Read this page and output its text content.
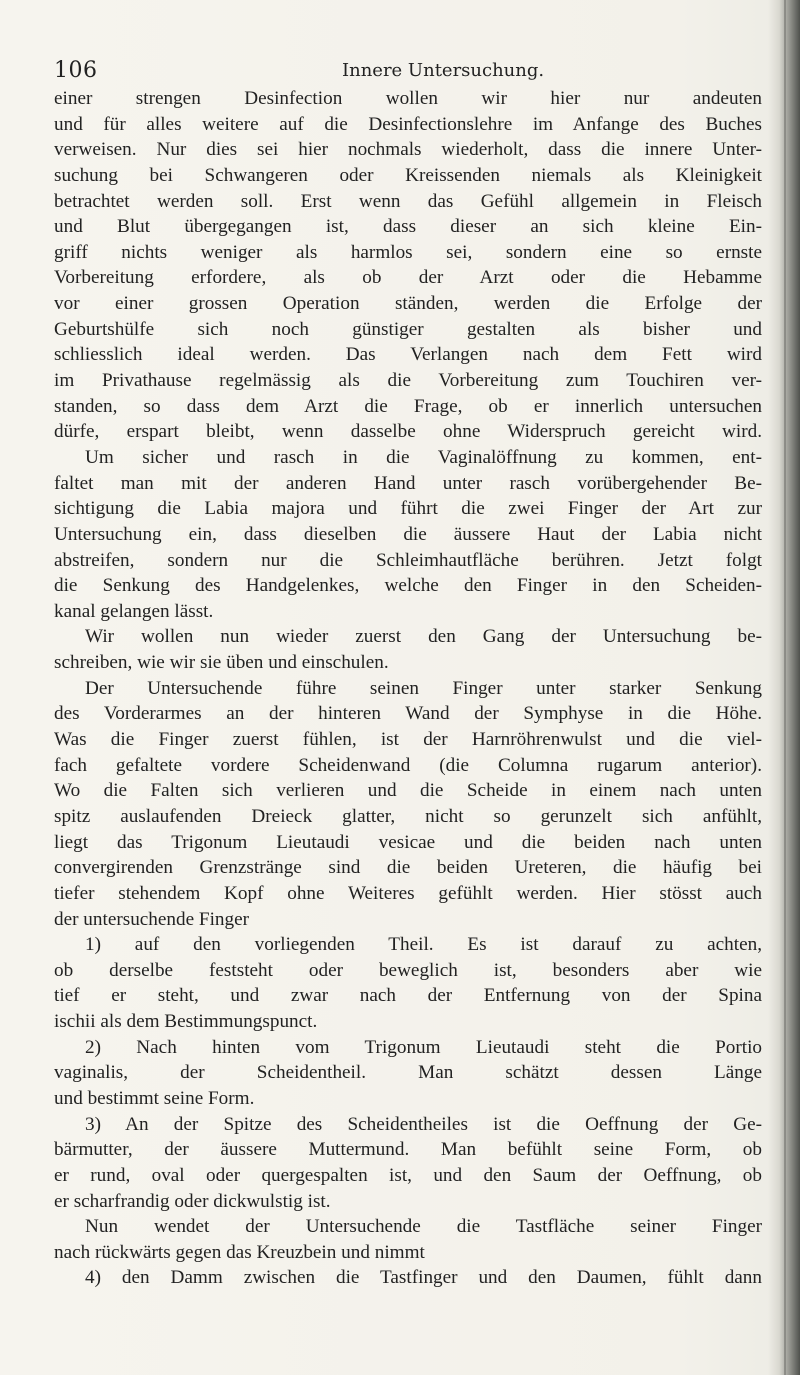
106	Innere Untersuchung.
einer strengen Desinfection wollen wir hier nur andeuten
und für alles weitere auf die Desinfectionslehre im Anfange des Buches
verweisen. Nur dies sei hier nochmals wiederholt, dass die innere Unter-
suchung bei Schwangeren oder Kreissenden niemals als Kleinigkeit
betrachtet werden soll. Erst wenn das Gefühl allgemein in Fleisch
und Blut übergegangen ist, dass dieser an sich kleine Ein-
griff nichts weniger als harmlos sei, sondern eine so ernste
Vorbereitung erfordere, als ob der Arzt oder die Hebamme
vor einer grossen Operation ständen, werden die Erfolge der
Geburtshülfe sich noch günstiger gestalten als bisher und
schliesslich ideal werden. Das Verlangen nach dem Fett wird
im Privathause regelmässig als die Vorbereitung zum Touchiren ver-
standen, so dass dem Arzt die Frage, ob er innerlich untersuchen
dürfe, erspart bleibt, wenn dasselbe ohne Widerspruch gereicht wird.
Um sicher und rasch in die Vaginalöffnung zu kommen, ent-
faltet man mit der anderen Hand unter rasch vorübergehender Be-
sichtigung die Labia majora und führt die zwei Finger der Art zur
Untersuchung ein, dass dieselben die äussere Haut der Labia nicht
abstreifen, sondern nur die Schleimhautfläche berühren. Jetzt folgt
die Senkung des Handgelenkes, welche den Finger in den Scheiden-
kanal gelangen lässt.
Wir wollen nun wieder zuerst den Gang der Untersuchung be-
schreiben, wie wir sie üben und einschulen.
Der Untersuchende führe seinen Finger unter starker Senkung
des Vorderarmes an der hinteren Wand der Symphyse in die Höhe.
Was die Finger zuerst fühlen, ist der Harnröhrenwulst und die viel-
fach gefaltete vordere Scheidenwand (die Columna rugarum anterior).
Wo die Falten sich verlieren und die Scheide in einem nach unten
spitz auslaufenden Dreieck glatter, nicht so gerunzelt sich anfühlt,
liegt das Trigonum Lieutaudi vesicae und die beiden nach unten
convergirenden Grenzstränge sind die beiden Ureteren, die häufig bei
tiefer stehendem Kopf ohne Weiteres gefühlt werden. Hier stösst auch
der untersuchende Finger
1) auf den vorliegenden Theil. Es ist darauf zu achten,
ob derselbe feststeht oder beweglich ist, besonders aber wie
tief er steht, und zwar nach der Entfernung von der Spina
ischii als dem Bestimmungspunct.
2) Nach hinten vom Trigonum Lieutaudi steht die Portio
vaginalis, der Scheidentheil. Man schätzt dessen Länge
und bestimmt seine Form.
3) An der Spitze des Scheidentheiles ist die Oeffnung der Ge-
bärmutter, der äussere Muttermund. Man befühlt seine Form, ob
er rund, oval oder quergespalten ist, und den Saum der Oeffnung, ob
er scharfrandig oder dickwulstig ist.
Nun wendet der Untersuchende die Tastfläche seiner Finger
nach rückwärts gegen das Kreuzbein und nimmt
4) den Damm zwischen die Tastfinger und den Daumen, fühlt dann
